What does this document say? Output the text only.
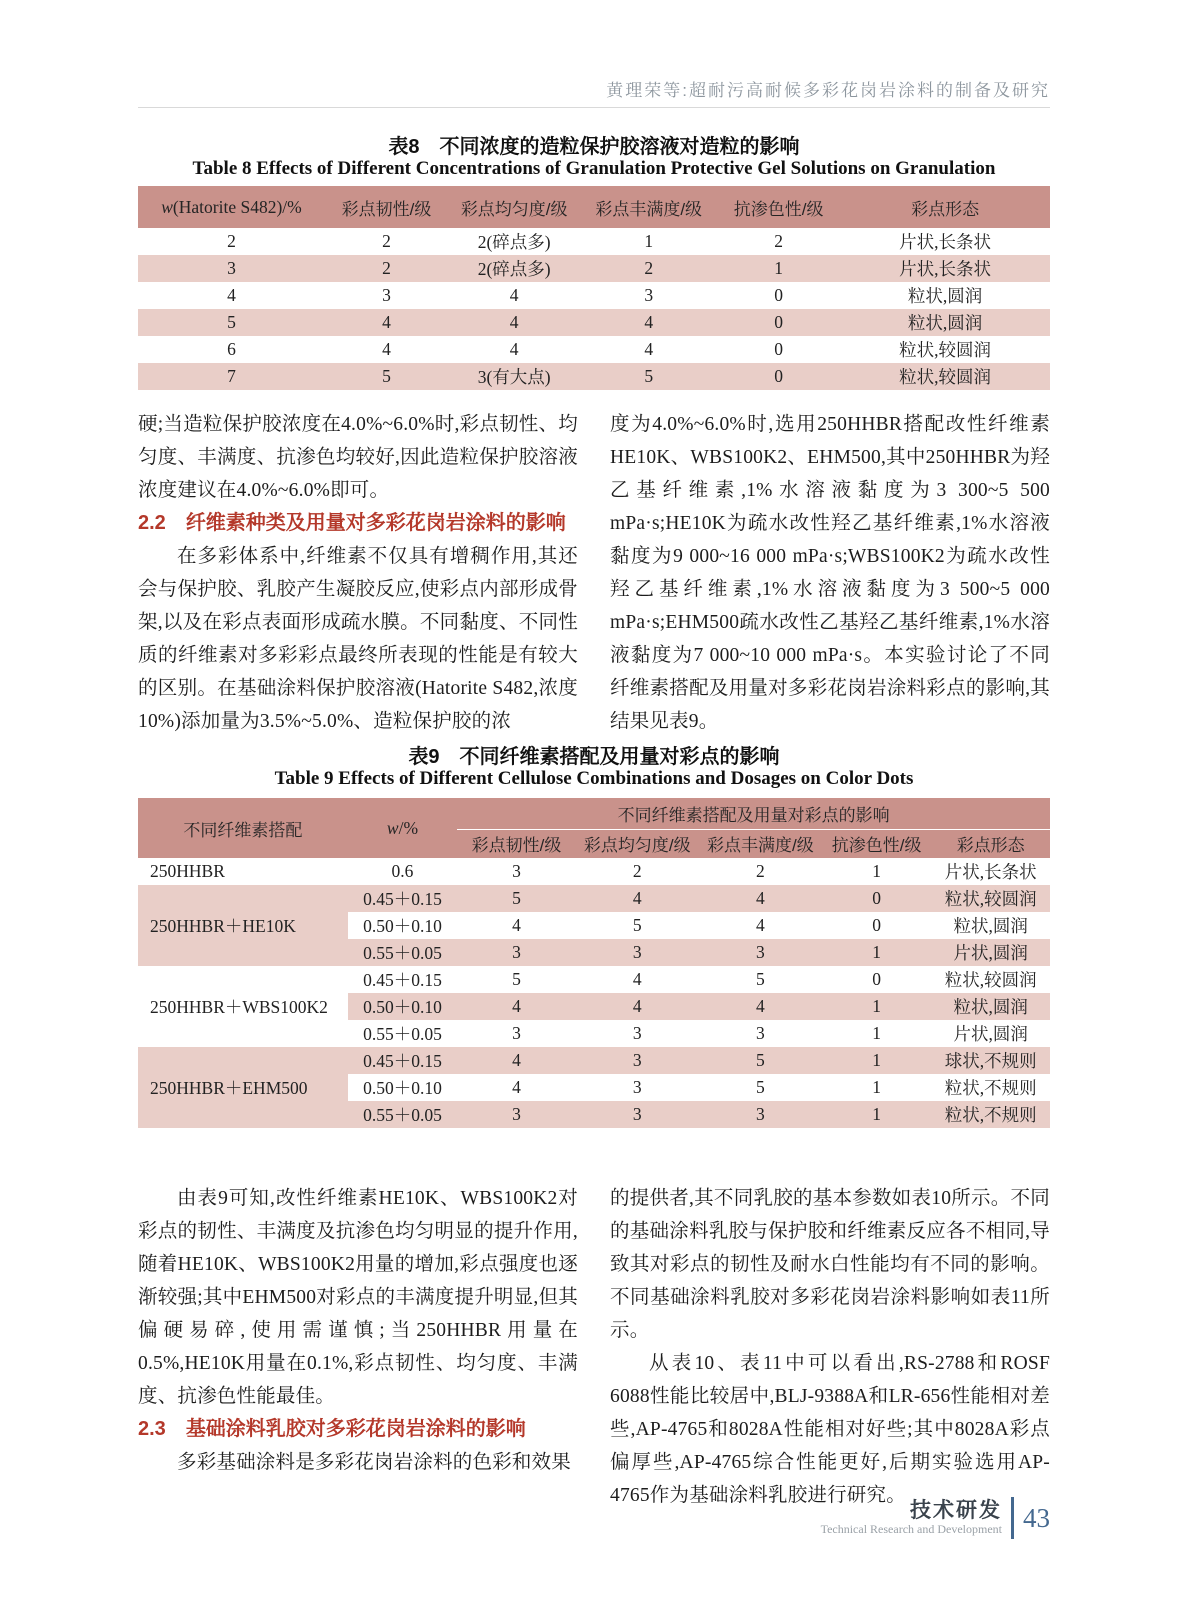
黄理荣等:超耐污高耐候多彩花岗岩涂料的制备及研究
表8　不同浓度的造粒保护胶溶液对造粒的影响
Table 8 Effects of Different Concentrations of Granulation Protective Gel Solutions on Granulation
w(Hatorite S482)/%	彩点韧性/级	彩点均匀度/级	彩点丰满度/级	抗渗色性/级	彩点形态
2	2	2(碎点多)	1	2	片状,长条状
3	2	2(碎点多)	2	1	片状,长条状
4	3	4	3	0	粒状,圆润
5	4	4	4	0	粒状,圆润
6	4	4	4	0	粒状,较圆润
7	5	3(有大点)	5	0	粒状,较圆润

硬;当造粒保护胶浓度在4.0%~6.0%时,彩点韧性、均匀度、丰满度、抗渗色均较好,因此造粒保护胶溶液浓度建议在4.0%~6.0%即可。

2.2 纤维素种类及用量对多彩花岗岩涂料的影响

在多彩体系中,纤维素不仅具有增稠作用,其还会与保护胶、乳胶产生凝胶反应,使彩点内部形成骨架,以及在彩点表面形成疏水膜。不同黏度、不同性质的纤维素对多彩彩点最终所表现的性能是有较大的区别。在基础涂料保护胶溶液(Hatorite S482,浓度10%)添加量为3.5%~5.0%、造粒保护胶的浓

度为4.0%~6.0%时,选用250HHBR搭配改性纤维素HE10K、WBS100K2、EHM500,其中250HHBR为羟乙基纤维素,1%水溶液黏度为3 300~5 500 mPa·s;HE10K为疏水改性羟乙基纤维素,1%水溶液黏度为9 000~16 000 mPa·s;WBS100K2为疏水改性羟乙基纤维素,1%水溶液黏度为3 500~5 000 mPa·s;EHM500疏水改性乙基羟乙基纤维素,1%水溶液黏度为7 000~10 000 mPa·s。本实验讨论了不同纤维素搭配及用量对多彩花岗岩涂料彩点的影响,其结果见表9。

表9　不同纤维素搭配及用量对彩点的影响
Table 9 Effects of Different Cellulose Combinations and Dosages on Color Dots
不同纤维素搭配	w/%	不同纤维素搭配及用量对彩点的影响				
		彩点韧性/级	彩点均匀度/级	彩点丰满度/级	抗渗色性/级	彩点形态
250HHBR	0.6	3	2	2	1	片状,长条状
250HHBR＋HE10K	0.45＋0.15	5	4	4	0	粒状,较圆润
	0.50＋0.10	4	5	4	0	粒状,圆润
	0.55＋0.05	3	3	3	1	片状,圆润
250HHBR＋WBS100K2	0.45＋0.15	5	4	5	0	粒状,较圆润
	0.50＋0.10	4	4	4	1	粒状,圆润
	0.55＋0.05	3	3	3	1	片状,圆润
250HHBR＋EHM500	0.45＋0.15	4	3	5	1	球状,不规则
	0.50＋0.10	4	3	5	1	粒状,不规则
	0.55＋0.05	3	3	3	1	粒状,不规则

由表9可知,改性纤维素HE10K、WBS100K2对彩点的韧性、丰满度及抗渗色均匀明显的提升作用,随着HE10K、WBS100K2用量的增加,彩点强度也逐渐较强;其中EHM500对彩点的丰满度提升明显,但其偏硬易碎,使用需谨慎;当250HHBR用量在0.5%,HE10K用量在0.1%,彩点韧性、均匀度、丰满度、抗渗色性能最佳。

2.3 基础涂料乳胶对多彩花岗岩涂料的影响

多彩基础涂料是多彩花岗岩涂料的色彩和效果

的提供者,其不同乳胶的基本参数如表10所示。不同的基础涂料乳胶与保护胶和纤维素反应各不相同,导致其对彩点的韧性及耐水白性能均有不同的影响。不同基础涂料乳胶对多彩花岗岩涂料影响如表11所示。

从表10、表11中可以看出,RS-2788和ROSF 6088性能比较居中,BLJ-9388A和LR-656性能相对差些,AP-4765和8028A性能相对好些;其中8028A彩点偏厚些,AP-4765综合性能更好,后期实验选用AP-4765作为基础涂料乳胶进行研究。

技术研发
Technical Research and Development 43
